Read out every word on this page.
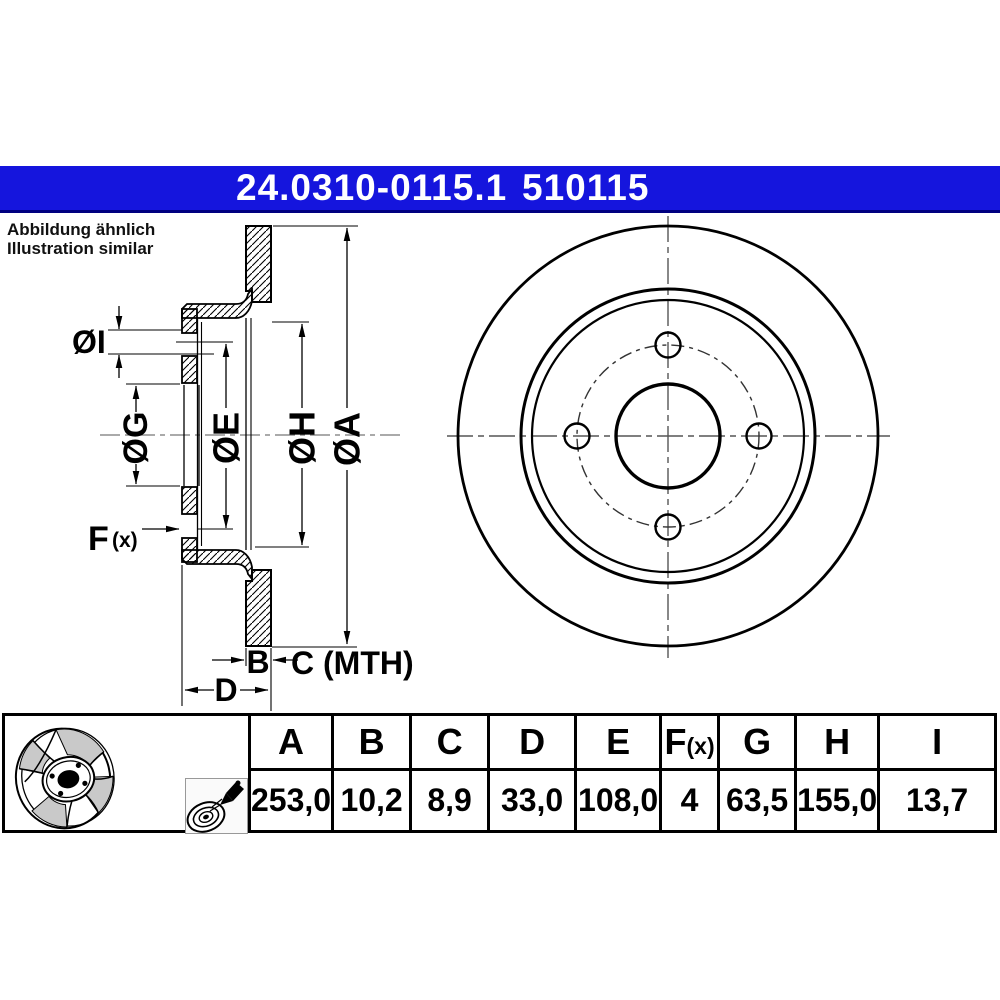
24.0310-0115.1 510115
Abbildung ähnlich
Illustration similar
ØI
ØG ØE ØH ØA
F (x)
B C (MTH)
D
	A	B	C	D	E	F(x)	G	H	I
	253,0	10,2	8,9	33,0	108,0	4	63,5	155,0	13,7
